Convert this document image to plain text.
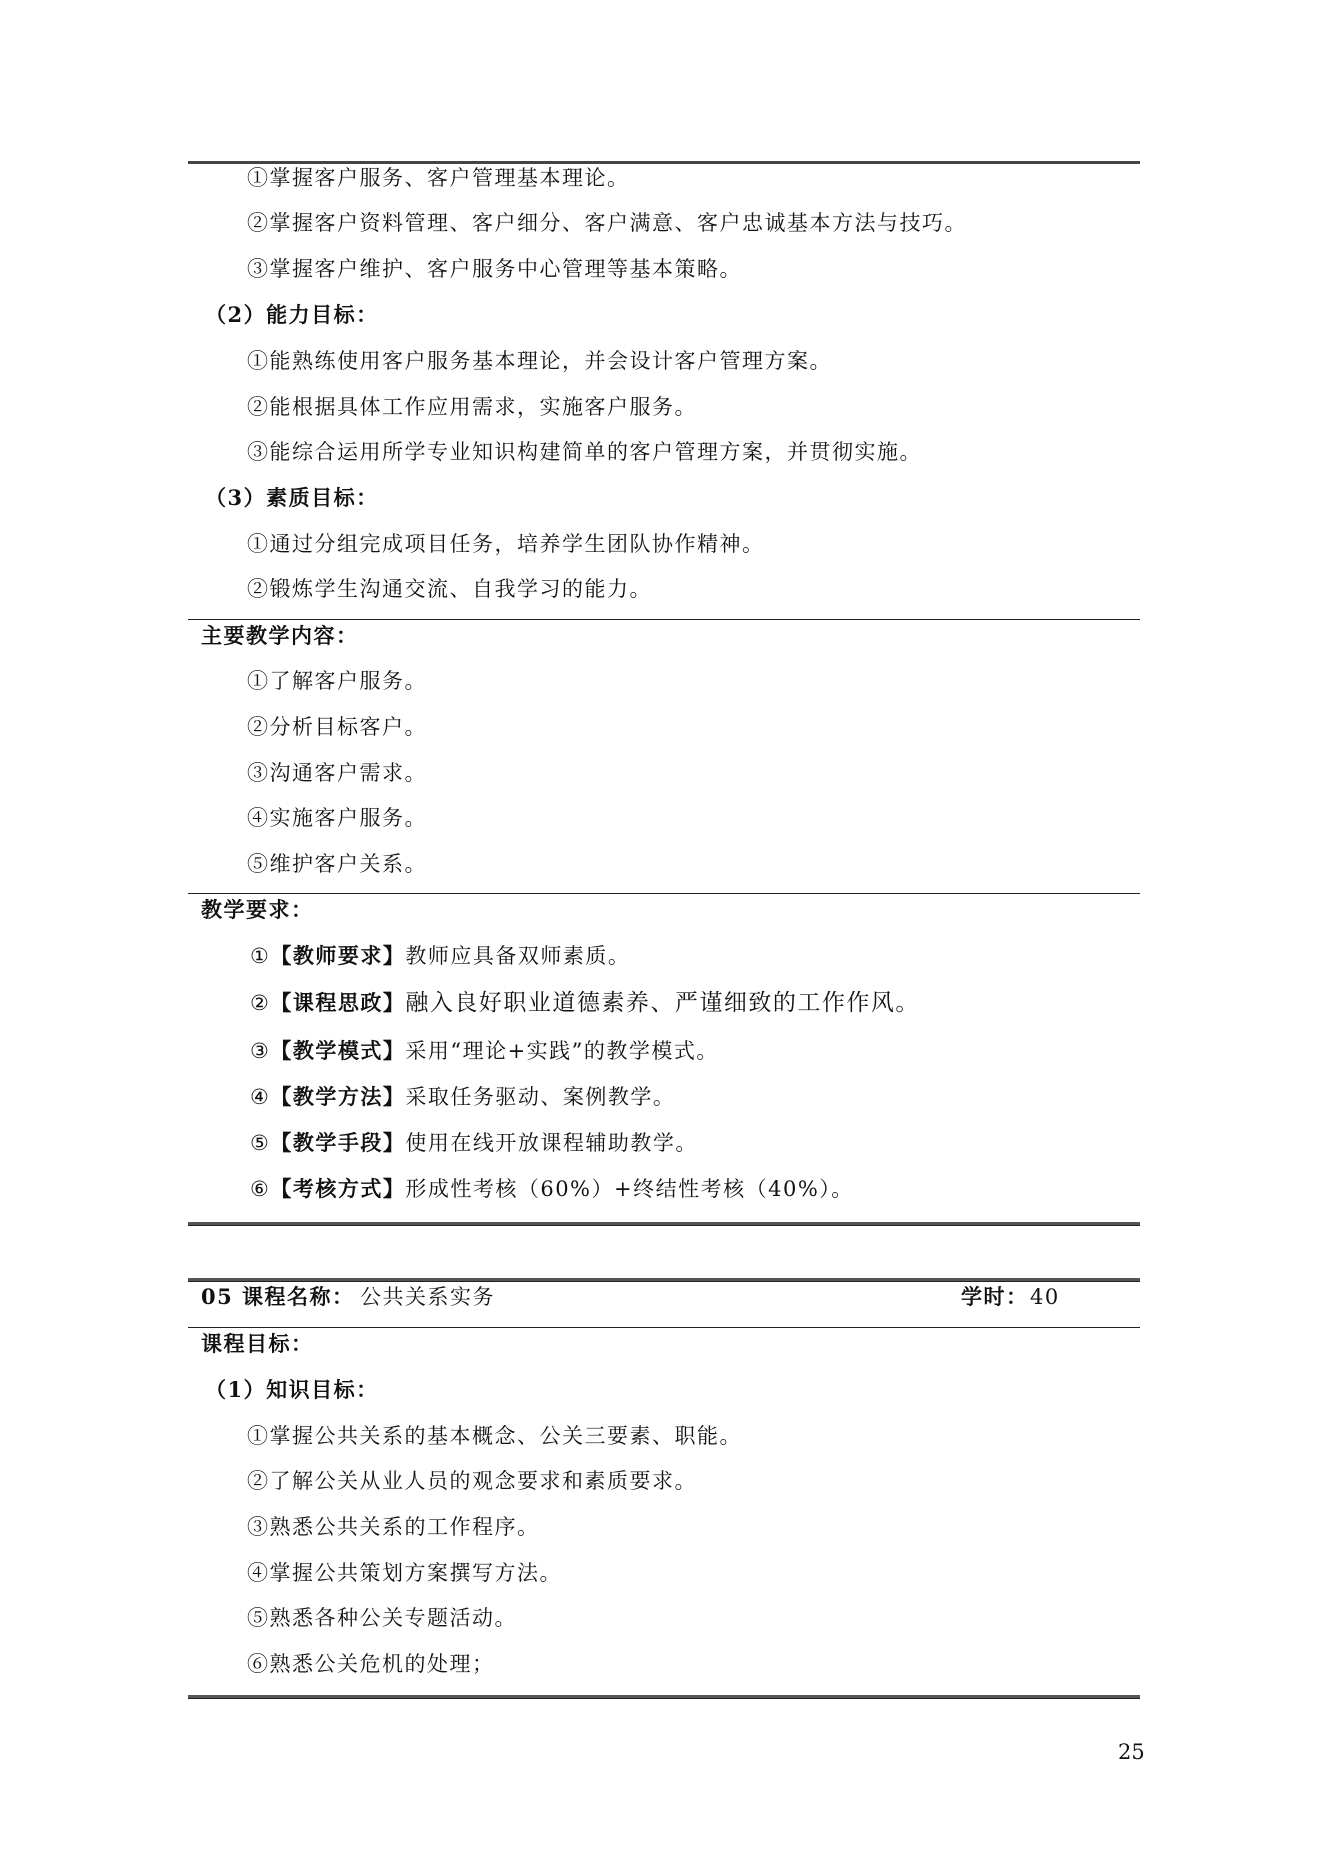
①掌握客户服务、客户管理基本理论。
②掌握客户资料管理、客户细分、客户满意、客户忠诚基本方法与技巧。
③掌握客户维护、客户服务中心管理等基本策略。
（2）能力目标：
①能熟练使用客户服务基本理论，并会设计客户管理方案。
②能根据具体工作应用需求，实施客户服务。
③能综合运用所学专业知识构建简单的客户管理方案，并贯彻实施。
（3）素质目标：
①通过分组完成项目任务，培养学生团队协作精神。
②锻炼学生沟通交流、自我学习的能力。
主要教学内容：
①了解客户服务。
②分析目标客户。
③沟通客户需求。
④实施客户服务。
⑤维护客户关系。
教学要求：
①【教师要求】教师应具备双师素质。
②【课程思政】融入良好职业道德素养、严谨细致的工作作风。
③【教学模式】采用“理论+实践”的教学模式。
④【教学方法】采取任务驱动、案例教学。
⑤【教学手段】使用在线开放课程辅助教学。
⑥【考核方式】形成性考核（60%）+终结性考核（40%）。
05 课程名称： 公共关系实务	学时： 40
课程目标：
（1）知识目标：
①掌握公共关系的基本概念、公关三要素、职能。
②了解公关从业人员的观念要求和素质要求。
③熟悉公共关系的工作程序。
④掌握公共策划方案撰写方法。
⑤熟悉各种公关专题活动。
⑥熟悉公关危机的处理；
25
